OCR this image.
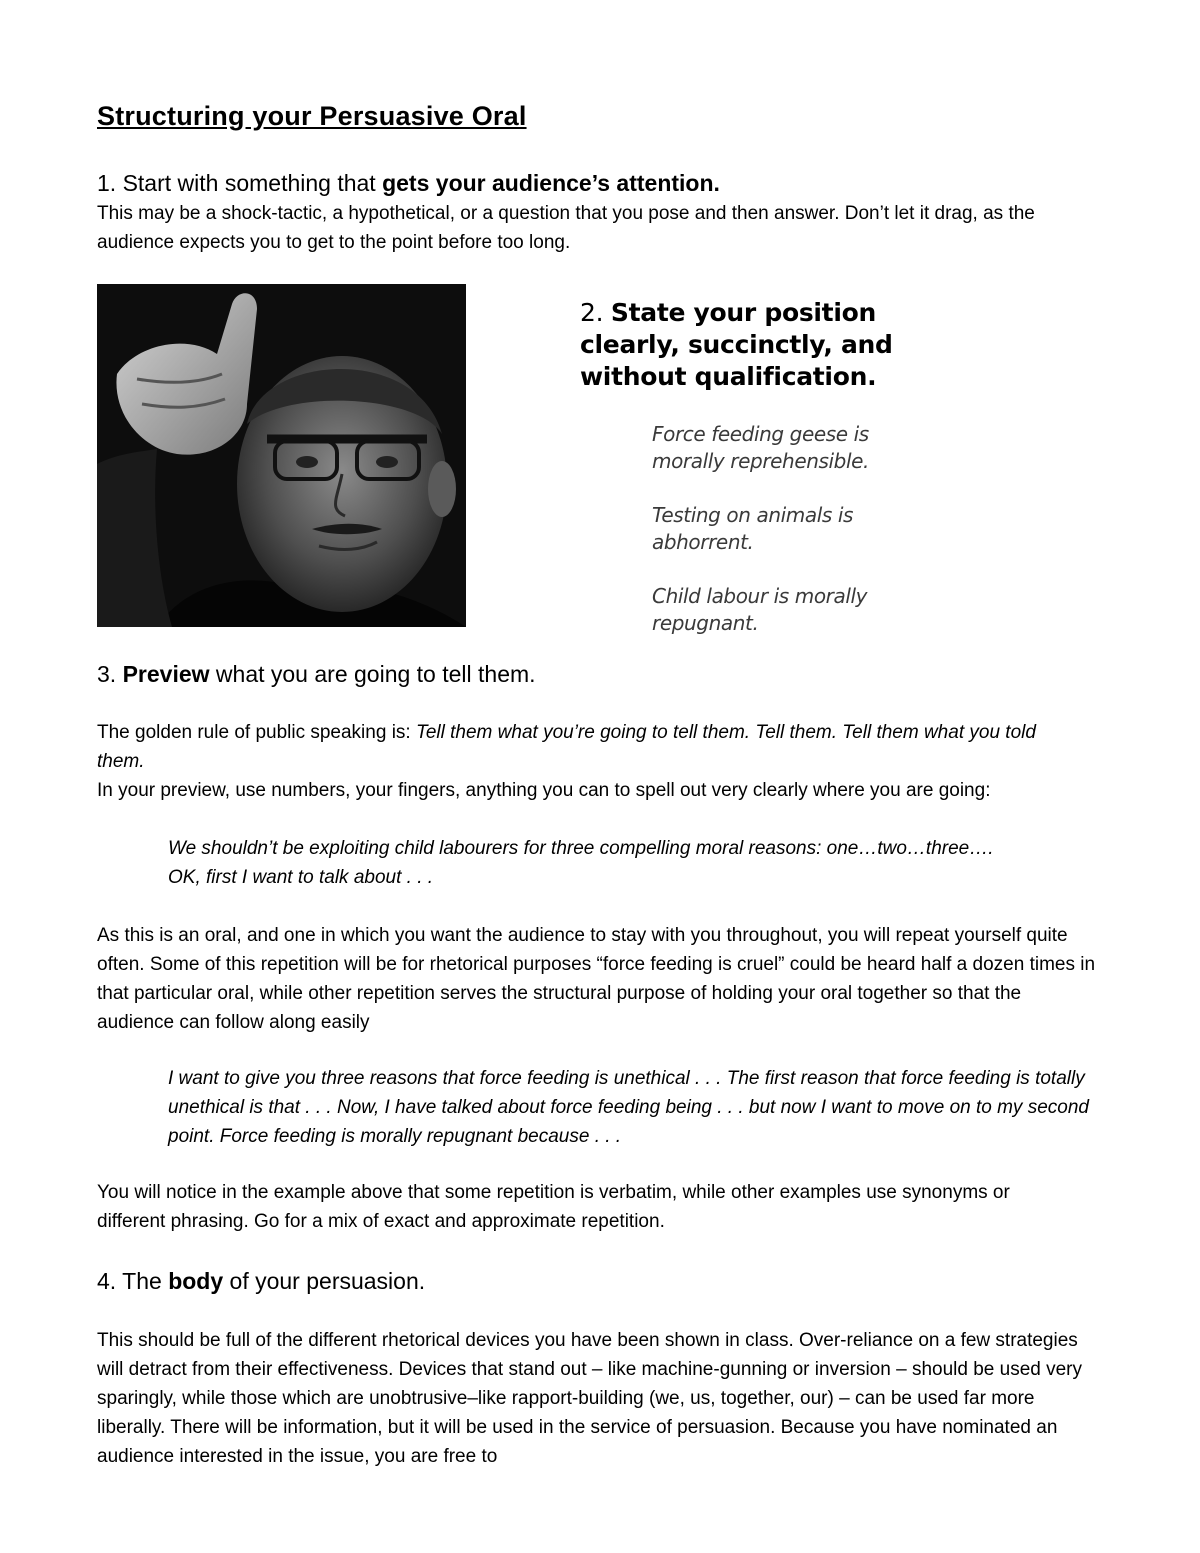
Structuring your Persuasive Oral
1. Start with something that gets your audience’s attention.
This may be a shock-tactic, a hypothetical, or a question that you pose and then answer. Don’t let it drag, as the audience expects you to get to the point before too long.
2. State your position clearly, succinctly, and without qualification.
Force feeding geese is morally reprehensible.
Testing on animals is abhorrent.
Child labour is morally repugnant.
3. Preview what you are going to tell them.
The golden rule of public speaking is: Tell them what you’re going to tell them. Tell them. Tell them what you told them.
In your preview, use numbers, your fingers, anything you can to spell out very clearly where you are going:
We shouldn’t be exploiting child labourers for three compelling moral reasons: one…two…three….
OK, first I want to talk about . . .
As this is an oral, and one in which you want the audience to stay with you throughout, you will repeat yourself quite often. Some of this repetition will be for rhetorical purposes “force feeding is cruel” could be heard half a dozen times in that particular oral, while other repetition serves the structural purpose of holding your oral together so that the audience can follow along easily
I want to give you three reasons that force feeding is unethical . . . The first reason that force feeding is totally unethical is that . . . Now, I have talked about force feeding being . . . but now I want to move on to my second point. Force feeding is morally repugnant because . . .
You will notice in the example above that some repetition is verbatim, while other examples use synonyms or different phrasing. Go for a mix of exact and approximate repetition.
4. The body of your persuasion.
This should be full of the different rhetorical devices you have been shown in class. Over-reliance on a few strategies will detract from their effectiveness. Devices that stand out – like machine-gunning or inversion – should be used very sparingly, while those which are unobtrusive–like rapport-building (we, us, together, our) – can be used far more liberally. There will be information, but it will be used in the service of persuasion. Because you have nominated an audience interested in the issue, you are free to
